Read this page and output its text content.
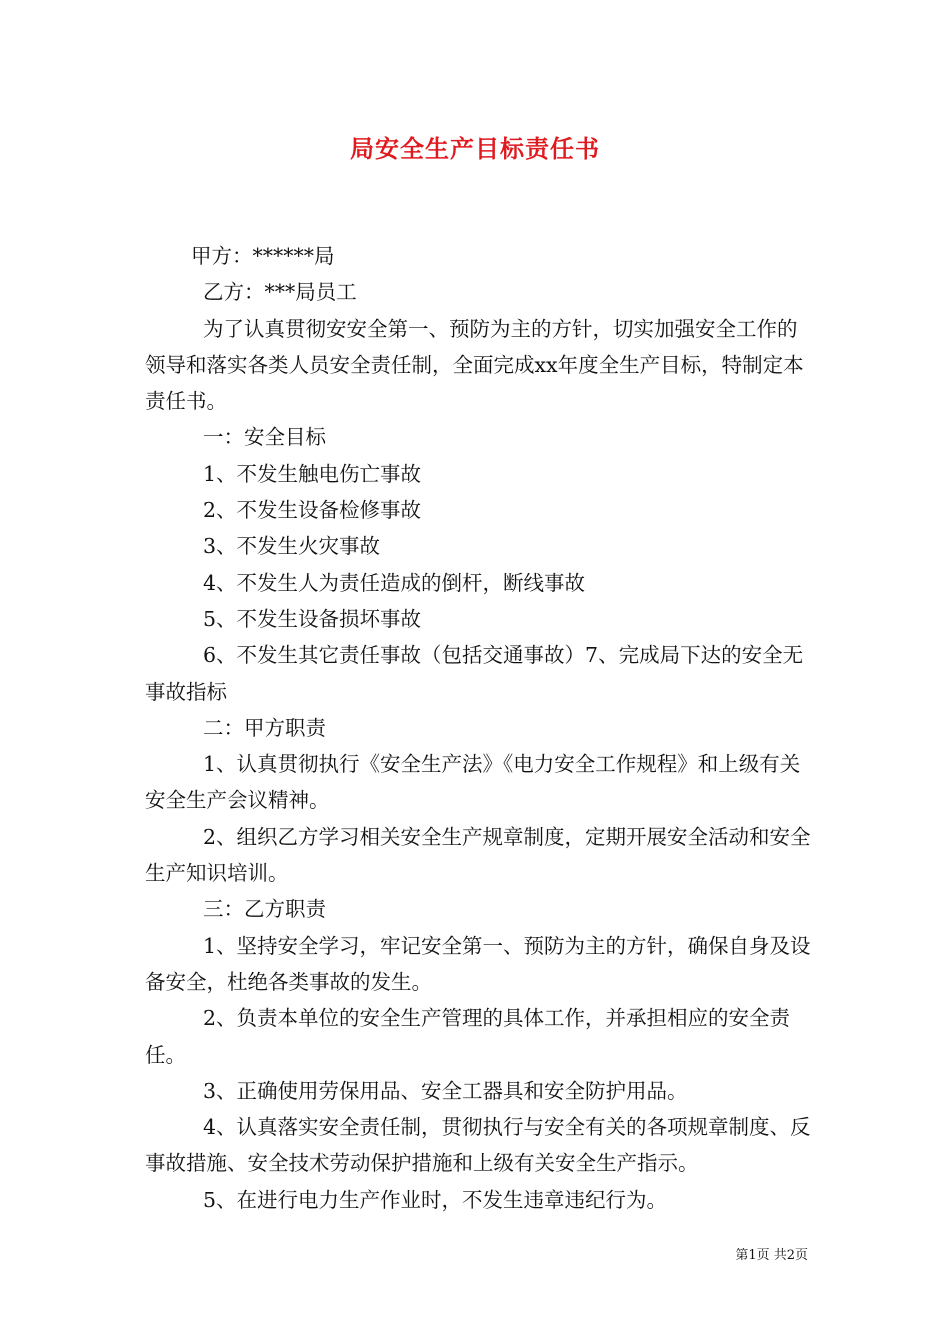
局安全生产目标责任书

甲方：******局

乙方：***局员工

为了认真贯彻安安全第一、预防为主的方针，切实加强安全工作的领导和落实各类人员安全责任制，全面完成xx年度全生产目标，特制定本责任书。

一：安全目标

1、不发生触电伤亡事故

2、不发生设备检修事故

3、不发生火灾事故

4、不发生人为责任造成的倒杆，断线事故

5、不发生设备损坏事故

6、不发生其它责任事故（包括交通事故）7、完成局下达的安全无事故指标

二：甲方职责

1、认真贯彻执行《安全生产法》《电力安全工作规程》和上级有关安全生产会议精神。

2、组织乙方学习相关安全生产规章制度，定期开展安全活动和安全生产知识培训。

三：乙方职责

1、坚持安全学习，牢记安全第一、预防为主的方针，确保自身及设备安全，杜绝各类事故的发生。

2、负责本单位的安全生产管理的具体工作，并承担相应的安全责任。

3、正确使用劳保用品、安全工器具和安全防护用品。

4、认真落实安全责任制，贯彻执行与安全有关的各项规章制度、反事故措施、安全技术劳动保护措施和上级有关安全生产指示。

5、在进行电力生产作业时，不发生违章违纪行为。

第1页 共2页
